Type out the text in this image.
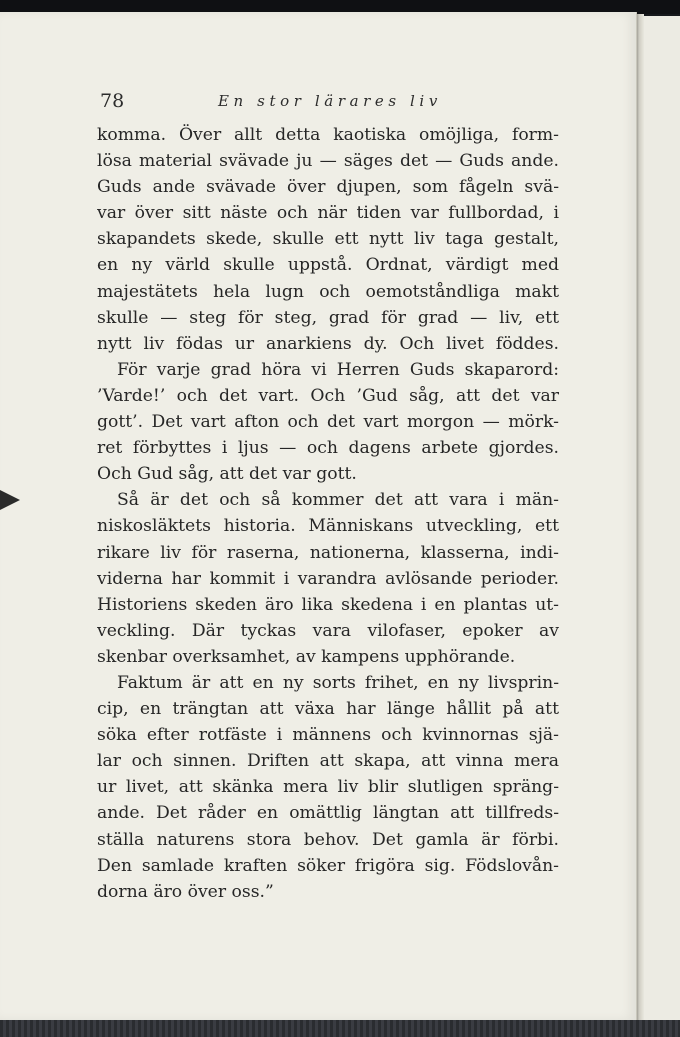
78	En stor lärares liv
komma. Över allt detta kaotiska omöjliga, form-
lösa material svävade ju — säges det — Guds ande.
Guds ande svävade över djupen, som fågeln svä-
var över sitt näste och när tiden var fullbordad, i
skapandets skede, skulle ett nytt liv taga gestalt,
en ny värld skulle uppstå. Ordnat, värdigt med
majestätets hela lugn och oemotståndliga makt
skulle — steg för steg, grad för grad — liv, ett
nytt liv födas ur anarkiens dy. Och livet föddes.
För varje grad höra vi Herren Guds skaparord:
’Varde!’ och det vart. Och ’Gud såg, att det var
gott’. Det vart afton och det vart morgon — mörk-
ret förbyttes i ljus — och dagens arbete gjordes.
Och Gud såg, att det var gott.
Så är det och så kommer det att vara i män-
niskosläktets historia. Människans utveckling, ett
rikare liv för raserna, nationerna, klasserna, indi-
viderna har kommit i varandra avlösande perioder.
Historiens skeden äro lika skedena i en plantas ut-
veckling. Där tyckas vara vilofaser, epoker av
skenbar overksamhet, av kampens upphörande.
Faktum är att en ny sorts frihet, en ny livsprin-
cip, en trängtan att växa har länge hållit på att
söka efter rotfäste i männens och kvinnornas sjä-
lar och sinnen. Driften att skapa, att vinna mera
ur livet, att skänka mera liv blir slutligen spräng-
ande. Det råder en omättlig längtan att tillfreds-
ställa naturens stora behov. Det gamla är förbi.
Den samlade kraften söker frigöra sig. Födslovån-
dorna äro över oss.”
